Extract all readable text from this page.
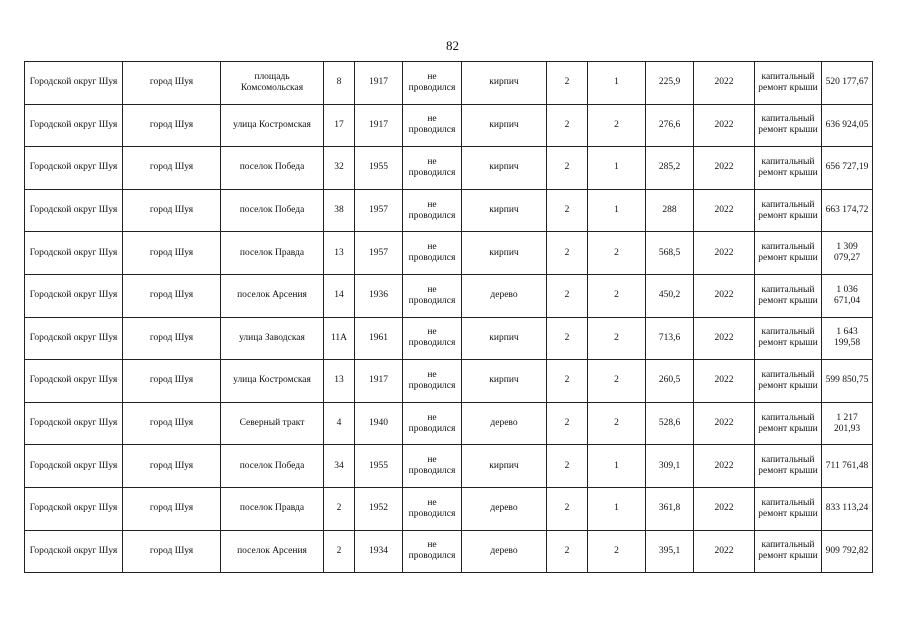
82
Городской округ Шуя	город Шуя	площадь Комсомольская	8	1917	не проводился	кирпич	2	1	225,9	2022	капитальный ремонт крыши	520 177,67
Городской округ Шуя	город Шуя	улица Костромская	17	1917	не проводился	кирпич	2	2	276,6	2022	капитальный ремонт крыши	636 924,05
Городской округ Шуя	город Шуя	поселок Победа	32	1955	не проводился	кирпич	2	1	285,2	2022	капитальный ремонт крыши	656 727,19
Городской округ Шуя	город Шуя	поселок Победа	38	1957	не проводился	кирпич	2	1	288	2022	капитальный ремонт крыши	663 174,72
Городской округ Шуя	город Шуя	поселок Правда	13	1957	не проводился	кирпич	2	2	568,5	2022	капитальный ремонт крыши	1 309 079,27
Городской округ Шуя	город Шуя	поселок Арсения	14	1936	не проводился	дерево	2	2	450,2	2022	капитальный ремонт крыши	1 036 671,04
Городской округ Шуя	город Шуя	улица Заводская	11А	1961	не проводился	кирпич	2	2	713,6	2022	капитальный ремонт крыши	1 643 199,58
Городской округ Шуя	город Шуя	улица Костромская	13	1917	не проводился	кирпич	2	2	260,5	2022	капитальный ремонт крыши	599 850,75
Городской округ Шуя	город Шуя	Северный тракт	4	1940	не проводился	дерево	2	2	528,6	2022	капитальный ремонт крыши	1 217 201,93
Городской округ Шуя	город Шуя	поселок Победа	34	1955	не проводился	кирпич	2	1	309,1	2022	капитальный ремонт крыши	711 761,48
Городской округ Шуя	город Шуя	поселок Правда	2	1952	не проводился	дерево	2	1	361,8	2022	капитальный ремонт крыши	833 113,24
Городской округ Шуя	город Шуя	поселок Арсения	2	1934	не проводился	дерево	2	2	395,1	2022	капитальный ремонт крыши	909 792,82
